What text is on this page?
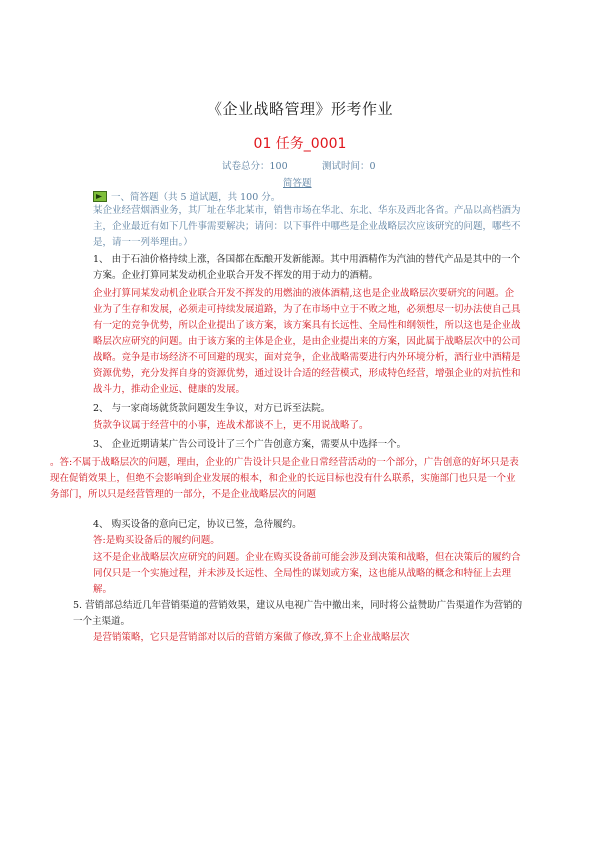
《企业战略管理》形考作业
01 任务_0001
试卷总分：100	测试时间：0
简答题
一、简答题（共 5 道试题，共 100 分。
某企业经营烟酒业务，其厂址在华北某市，销售市场在华北、东北、华东及西北各省。产品以高档酒为主，企业最近有如下几件事需要解决；请问：以下事件中哪些是企业战略层次应该研究的问题，哪些不是，请一一列举理由。）
1、 由于石油价格持续上涨，各国都在酝酿开发新能源。其中用酒精作为汽油的替代产品是其中的一个方案。企业打算同某发动机企业联合开发不挥发的用于动力的酒精。
企业打算同某发动机企业联合开发不挥发的用燃油的液体酒精,这也是企业战略层次要研究的问题。企业为了生存和发展，必须走可持续发展道路，为了在市场中立于不败之地，必须想尽一切办法使自己具有一定的竞争优势，所以企业提出了该方案，该方案具有长远性、全局性和纲领性，所以这也是企业战略层次应研究的问题。由于该方案的主体是企业，是由企业提出来的方案，因此属于战略层次中的公司战略。竞争是市场经济不可回避的现实，面对竞争，企业战略需要进行内外环境分析，酒行业中酒精是资源优势，充分发挥自身的资源优势，通过设计合适的经营模式，形成特色经营，增强企业的对抗性和战斗力，推动企业远、健康的发展。
2、 与一家商场就货款问题发生争议，对方已诉至法院。
货款争议属于经营中的小事，连战术都谈不上，更不用说战略了。
3、 企业近期请某广告公司设计了三个广告创意方案，需要从中选择一个。
。答:不属于战略层次的问题，理由，企业的广告设计只是企业日常经营活动的一个部分，广告创意的好坏只是表现在促销效果上，但绝不会影响到企业发展的根本，和企业的长远目标也没有什么联系，实施部门也只是一个业务部门，所以只是经营管理的一部分，不是企业战略层次的问题
4、 购买设备的意向已定，协议已签，急待履约。
答:是购买设备后的履约问题。
这不是企业战略层次应研究的问题。企业在购买设备前可能会涉及到决策和战略，但在决策后的履约合同仅只是一个实施过程，并未涉及长远性、全局性的谋划或方案，这也能从战略的概念和特征上去理解。
5. 营销部总结近几年营销渠道的营销效果，建议从电视广告中撤出来，同时将公益赞助广告渠道作为营销的一个主渠道。
是营销策略，它只是营销部对以后的营销方案做了修改,算不上企业战略层次
